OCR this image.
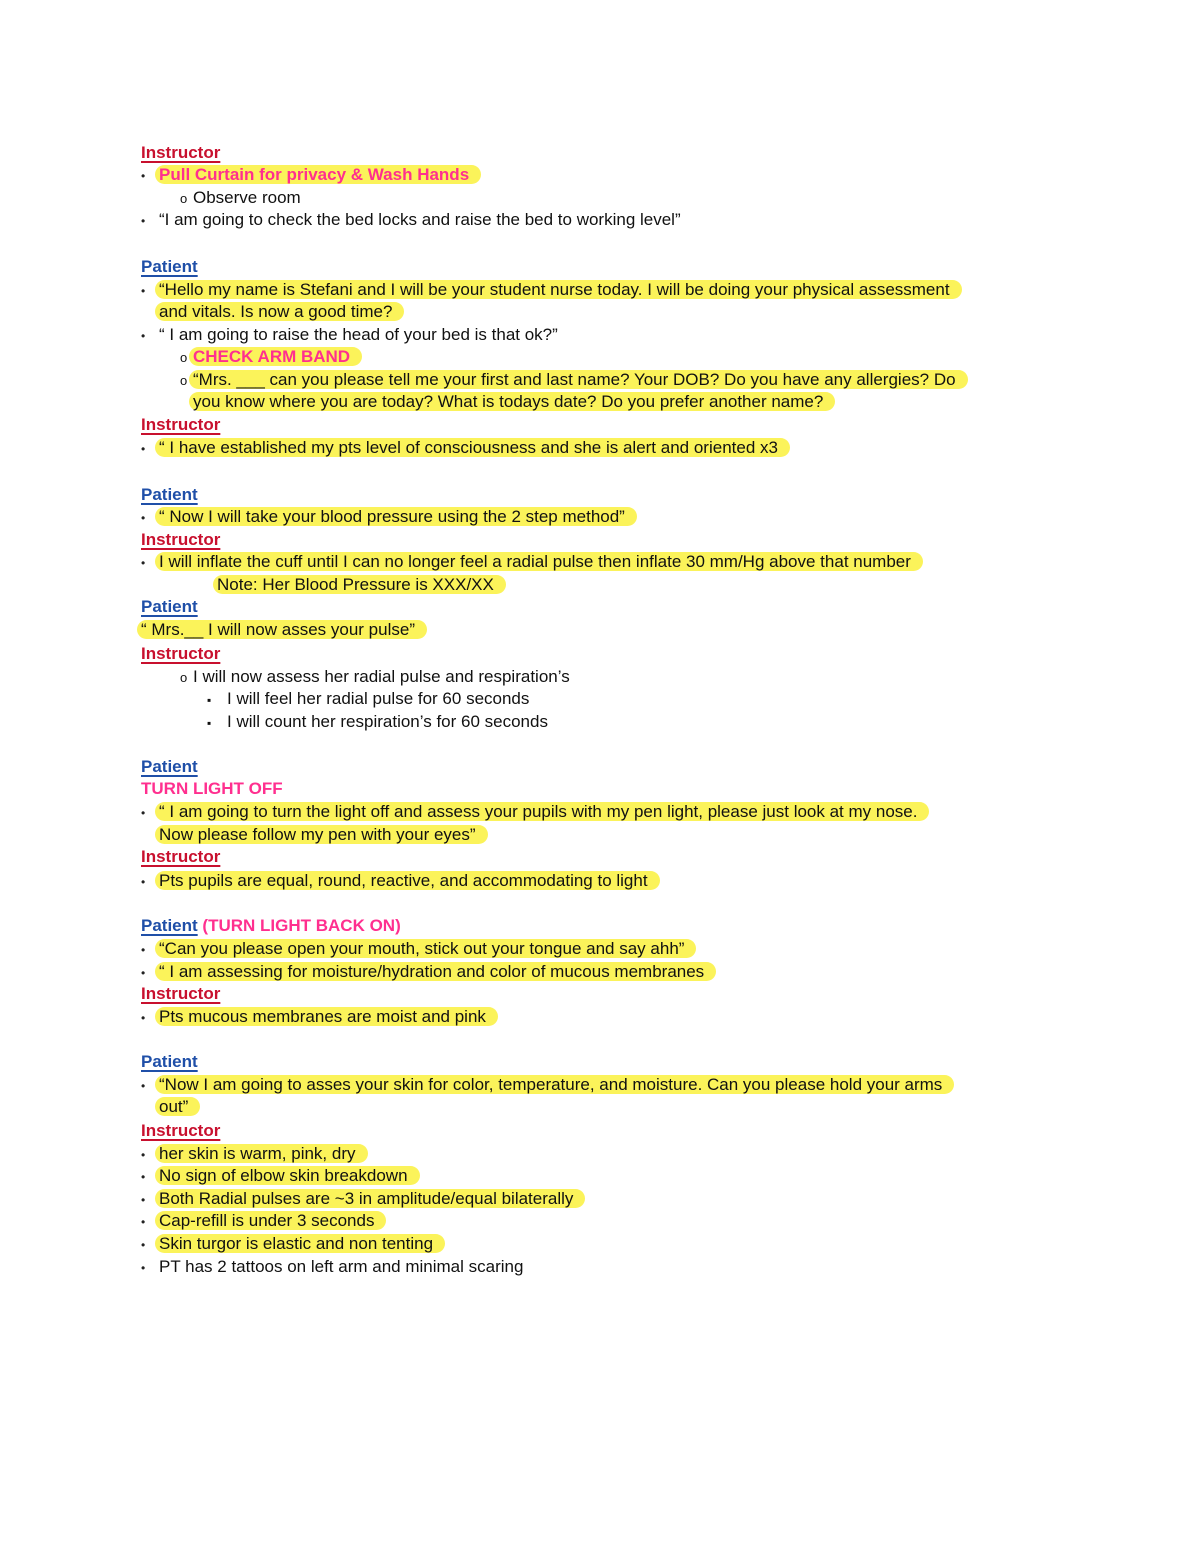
Instructor
• Pull Curtain for privacy & Wash Hands
o Observe room
• “I am going to check the bed locks and raise the bed to working level”
Patient
• “Hello my name is Stefani and I will be your student nurse today. I will be doing your physical assessment
and vitals. Is now a good time?
• “ I am going to raise the head of your bed is that ok?”
o CHECK ARM BAND
o “Mrs. ___ can you please tell me your first and last name? Your DOB? Do you have any allergies? Do
you know where you are today? What is todays date? Do you prefer another name?
Instructor
• “ I have established my pts level of consciousness and she is alert and oriented x3
Patient
• “ Now I will take your blood pressure using the 2 step method”
Instructor
• I will inflate the cuff until I can no longer feel a radial pulse then inflate 30 mm/Hg above that number
Note: Her Blood Pressure is XXX/XX
Patient
“ Mrs.__ I will now asses your pulse”
Instructor
o I will now assess her radial pulse and respiration’s
▪ I will feel her radial pulse for 60 seconds
▪ I will count her respiration’s for 60 seconds
Patient
TURN LIGHT OFF
• “ I am going to turn the light off and assess your pupils with my pen light, please just look at my nose.
Now please follow my pen with your eyes”
Instructor
• Pts pupils are equal, round, reactive, and accommodating to light
Patient (TURN LIGHT BACK ON)
• “Can you please open your mouth, stick out your tongue and say ahh”
• “ I am assessing for moisture/hydration and color of mucous membranes
Instructor
• Pts mucous membranes are moist and pink
Patient
• “Now I am going to asses your skin for color, temperature, and moisture. Can you please hold your arms
out”
Instructor
• her skin is warm, pink, dry
• No sign of elbow skin breakdown
• Both Radial pulses are ~3 in amplitude/equal bilaterally
• Cap-refill is under 3 seconds
• Skin turgor is elastic and non tenting
• PT has 2 tattoos on left arm and minimal scaring
